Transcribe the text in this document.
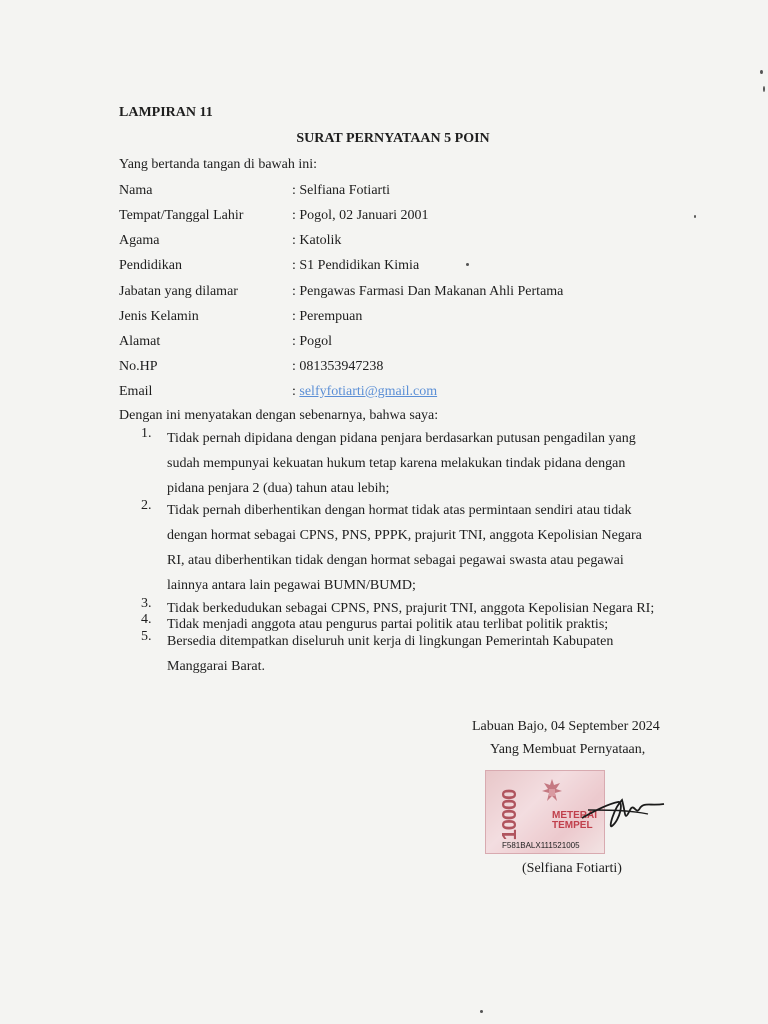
LAMPIRAN 11
SURAT PERNYATAAN 5 POIN
Yang bertanda tangan di bawah ini:
Nama	: Selfiana Fotiarti
Tempat/Tanggal Lahir	: Pogol, 02 Januari 2001
Agama	: Katolik
Pendidikan	: S1 Pendidikan Kimia
Jabatan yang dilamar	: Pengawas Farmasi Dan Makanan Ahli Pertama
Jenis Kelamin	: Perempuan
Alamat	: Pogol
No.HP	: 081353947238
Email	: selfyfotiarti@gmail.com
Dengan ini menyatakan dengan sebenarnya, bahwa saya:
1. Tidak pernah dipidana dengan pidana penjara berdasarkan putusan pengadilan yang
sudah mempunyai kekuatan hukum tetap karena melakukan tindak pidana dengan
pidana penjara 2 (dua) tahun atau lebih;
2. Tidak pernah diberhentikan dengan hormat tidak atas permintaan sendiri atau tidak
dengan hormat sebagai CPNS, PNS, PPPK, prajurit TNI, anggota Kepolisian Negara
RI, atau diberhentikan tidak dengan hormat sebagai pegawai swasta atau pegawai
lainnya antara lain pegawai BUMN/BUMD;
3. Tidak berkedudukan sebagai CPNS, PNS, prajurit TNI, anggota Kepolisian Negara RI;
4. Tidak menjadi anggota atau pengurus partai politik atau terlibat politik praktis;
5. Bersedia ditempatkan diseluruh unit kerja di lingkungan Pemerintah Kabupaten
Manggarai Barat.
Labuan Bajo, 04 September 2024
Yang Membuat Pernyataan,
10000	METERAI
TEMPEL
F581BALX111521005
(Selfiana Fotiarti)
